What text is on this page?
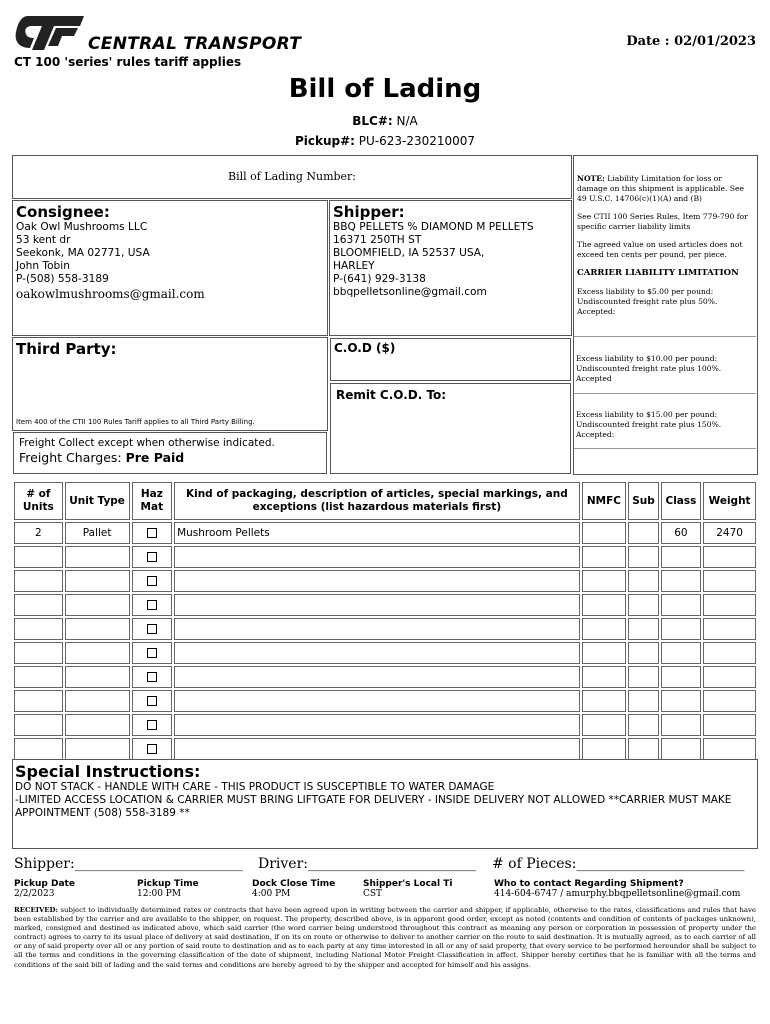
CENTRAL TRANSPORT
CT 100 'series' rules tariff applies
Date : 02/01/2023
Bill of Lading
BLC#: N/A
Pickup#: PU-623-230210007
Bill of Lading Number:	NOTE: Liability Limitation for loss or damage on this shipment is applicable. See 49 U.S.C. 14706(c)(1)(A) and (B)
See CTII 100 Series Rules, Item 779-790 for specific carrier liability limits
The agreed value on used articles does not exceed ten cents per pound, per piece.
CARRIER LIABILITY LIMITATION
Excess liability to $5.00 per pound:
Undiscounted freight rate plus 50%.
Accepted:
Excess liability to $10.00 per pound:
Undiscounted freight rate plus 100%.
Accepted
Excess liability to $15.00 per pound:
Undiscounted freight rate plus 150%.
Accepted:
Consignee:
Oak Owl Mushrooms LLC
53 kent dr
Seekonk, MA 02771, USA
John Tobin
P-(508) 558-3189
oakowlmushrooms@gmail.com
Shipper:
BBQ PELLETS % DIAMOND M PELLETS
16371 250TH ST
BLOOMFIELD, IA 52537 USA,
HARLEY
P-(641) 929-3138
bbqpelletsonline@gmail.com
Third Party:
Item 400 of the CTII 100 Rules Tariff applies to all Third Party Billing.
C.O.D ($)
Remit C.O.D. To:
Freight Collect except when otherwise indicated.
Freight Charges: Pre Paid
# of Units	Unit Type	Haz Mat	Kind of packaging, description of articles, special markings, and exceptions (list hazardous materials first)	NMFC	Sub	Class	Weight
2	Pallet		Mushroom Pellets			60	2470

Special Instructions:
DO NOT STACK - HANDLE WITH CARE - THIS PRODUCT IS SUSCEPTIBLE TO WATER DAMAGE
-LIMITED ACCESS LOCATION & CARRIER MUST BRING LIFTGATE FOR DELIVERY - INSIDE DELIVERY NOT ALLOWED **CARRIER MUST MAKE APPOINTMENT (508) 558-3189 **
Shipper:________________________ Driver:________________________ # of Pieces:________________________
Pickup Date
2/2/2023
Pickup Time
12:00 PM
Dock Close Time
4:00 PM
Shipper's Local Ti
CST
Who to contact Regarding Shipment?
414-604-6747 / amurphy.bbqpelletsonline@gmail.com
RECEIVED: subject to individually determined rates or contracts that have been agreed upon in writing between the carrier and shipper, if applicable, otherwise to the rates, classifications and rules that have been established by the carrier and are available to the shipper, on request. The property, described above, is in apparent good order, except as noted (contents and condition of contents of packages unknown), marked, consigned and destined as indicated above, which said carrier (the word carrier being understood throughout this contract as meaning any person or corporation in possession of property under the contract) agrees to carry to its usual place of delivery at said destination, if on its on route or otherwise to deliver to another carrier on the route to said destination. It is mutually agreed, as to each carrier of all or any of said property over all or any portion of said route to destination and as to each party at any time interested in all or any of said property, that every service to be performed hereunder shall be subject to all the terms and conditions in the governing classification of the date of shipment, including National Motor Freight Classification in affect. Shipper hereby certifies that he is familiar with all the terms and conditions of the said bill of lading and the said terms and conditions are hereby agreed to by the shipper and accepted for himself and his assigns.
